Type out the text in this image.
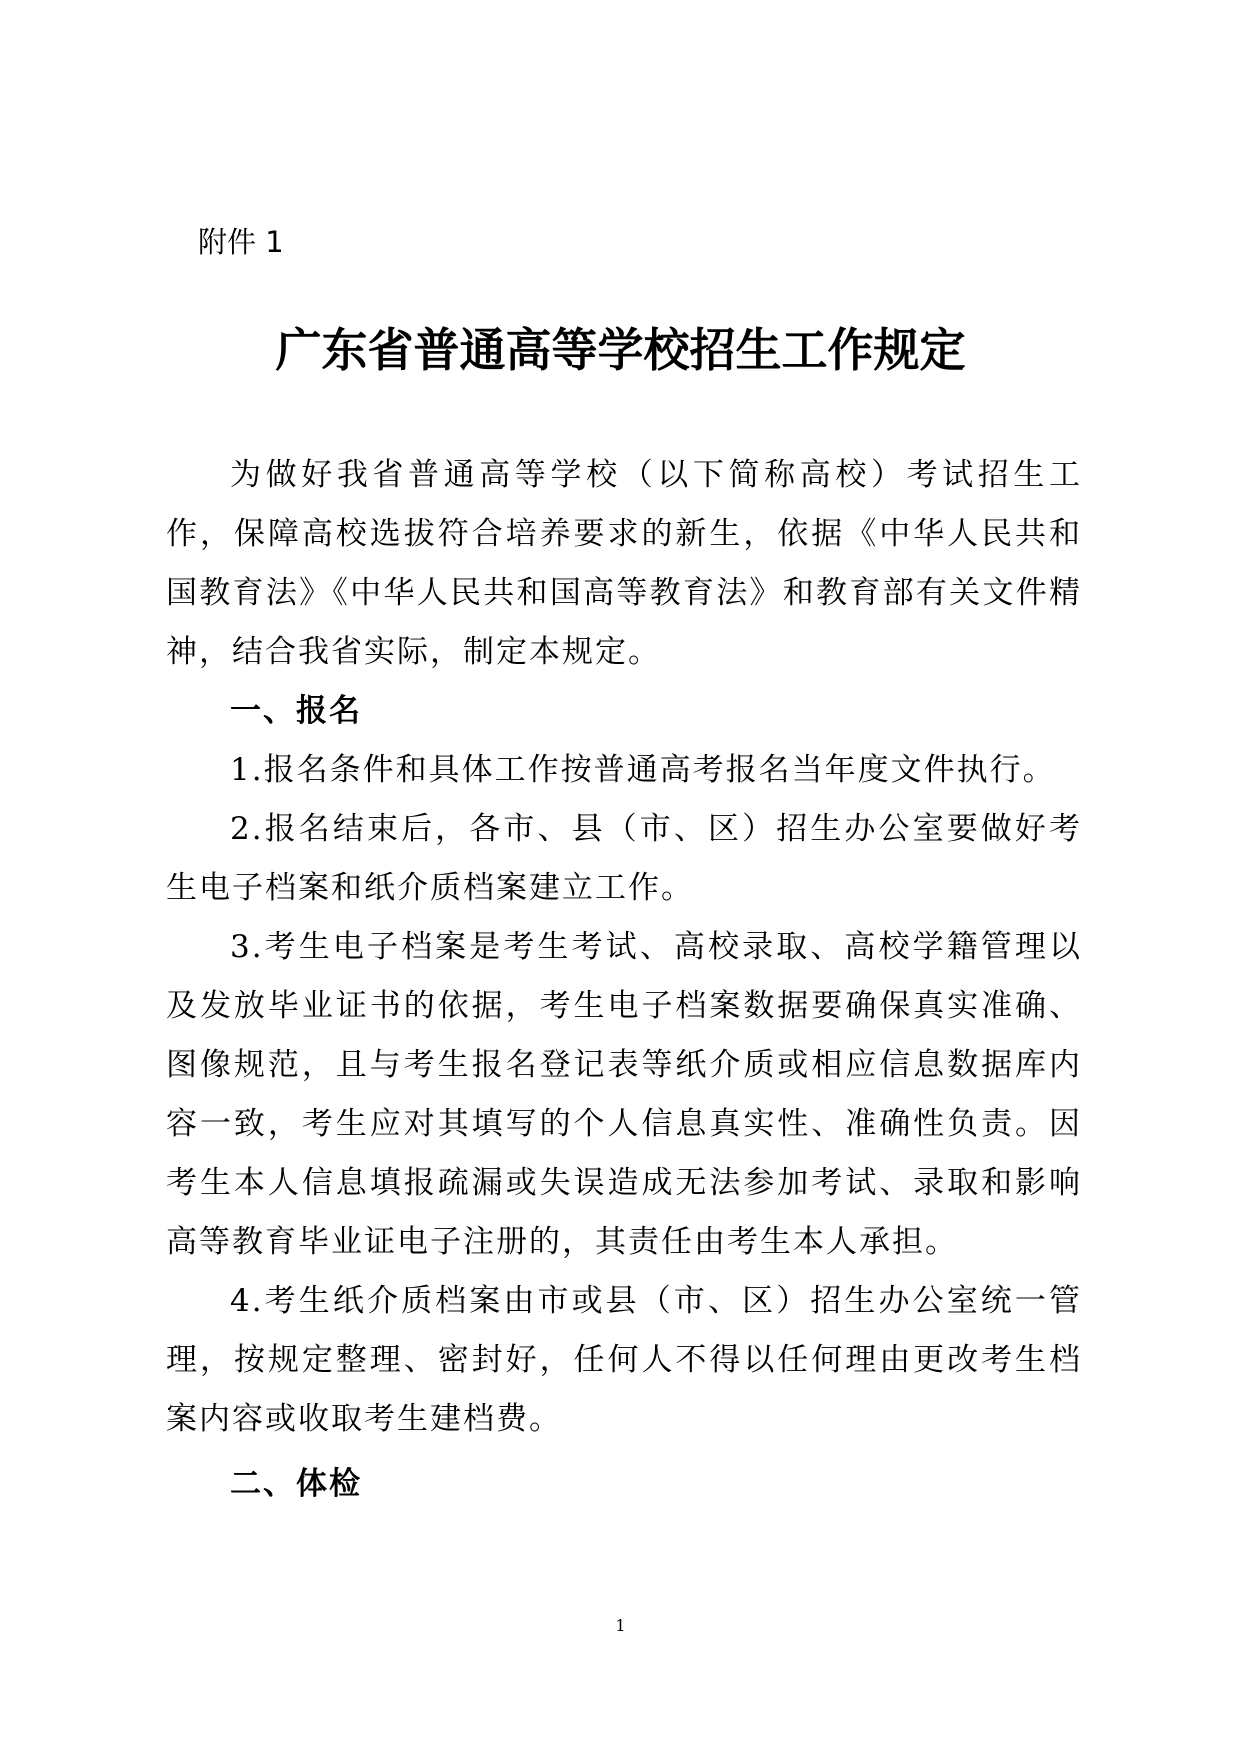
附件 1
广东省普通高等学校招生工作规定

为做好我省普通高等学校（以下简称高校）考试招生工作，保障高校选拔符合培养要求的新生，依据《中华人民共和国教育法》《中华人民共和国高等教育法》和教育部有关文件精神，结合我省实际，制定本规定。

一、报名

1.报名条件和具体工作按普通高考报名当年度文件执行。

2.报名结束后，各市、县（市、区）招生办公室要做好考生电子档案和纸介质档案建立工作。

3.考生电子档案是考生考试、高校录取、高校学籍管理以及发放毕业证书的依据，考生电子档案数据要确保真实准确、图像规范，且与考生报名登记表等纸介质或相应信息数据库内容一致，考生应对其填写的个人信息真实性、准确性负责。因考生本人信息填报疏漏或失误造成无法参加考试、录取和影响高等教育毕业证电子注册的，其责任由考生本人承担。

4.考生纸介质档案由市或县（市、区）招生办公室统一管理，按规定整理、密封好，任何人不得以任何理由更改考生档案内容或收取考生建档费。

二、体检

1
